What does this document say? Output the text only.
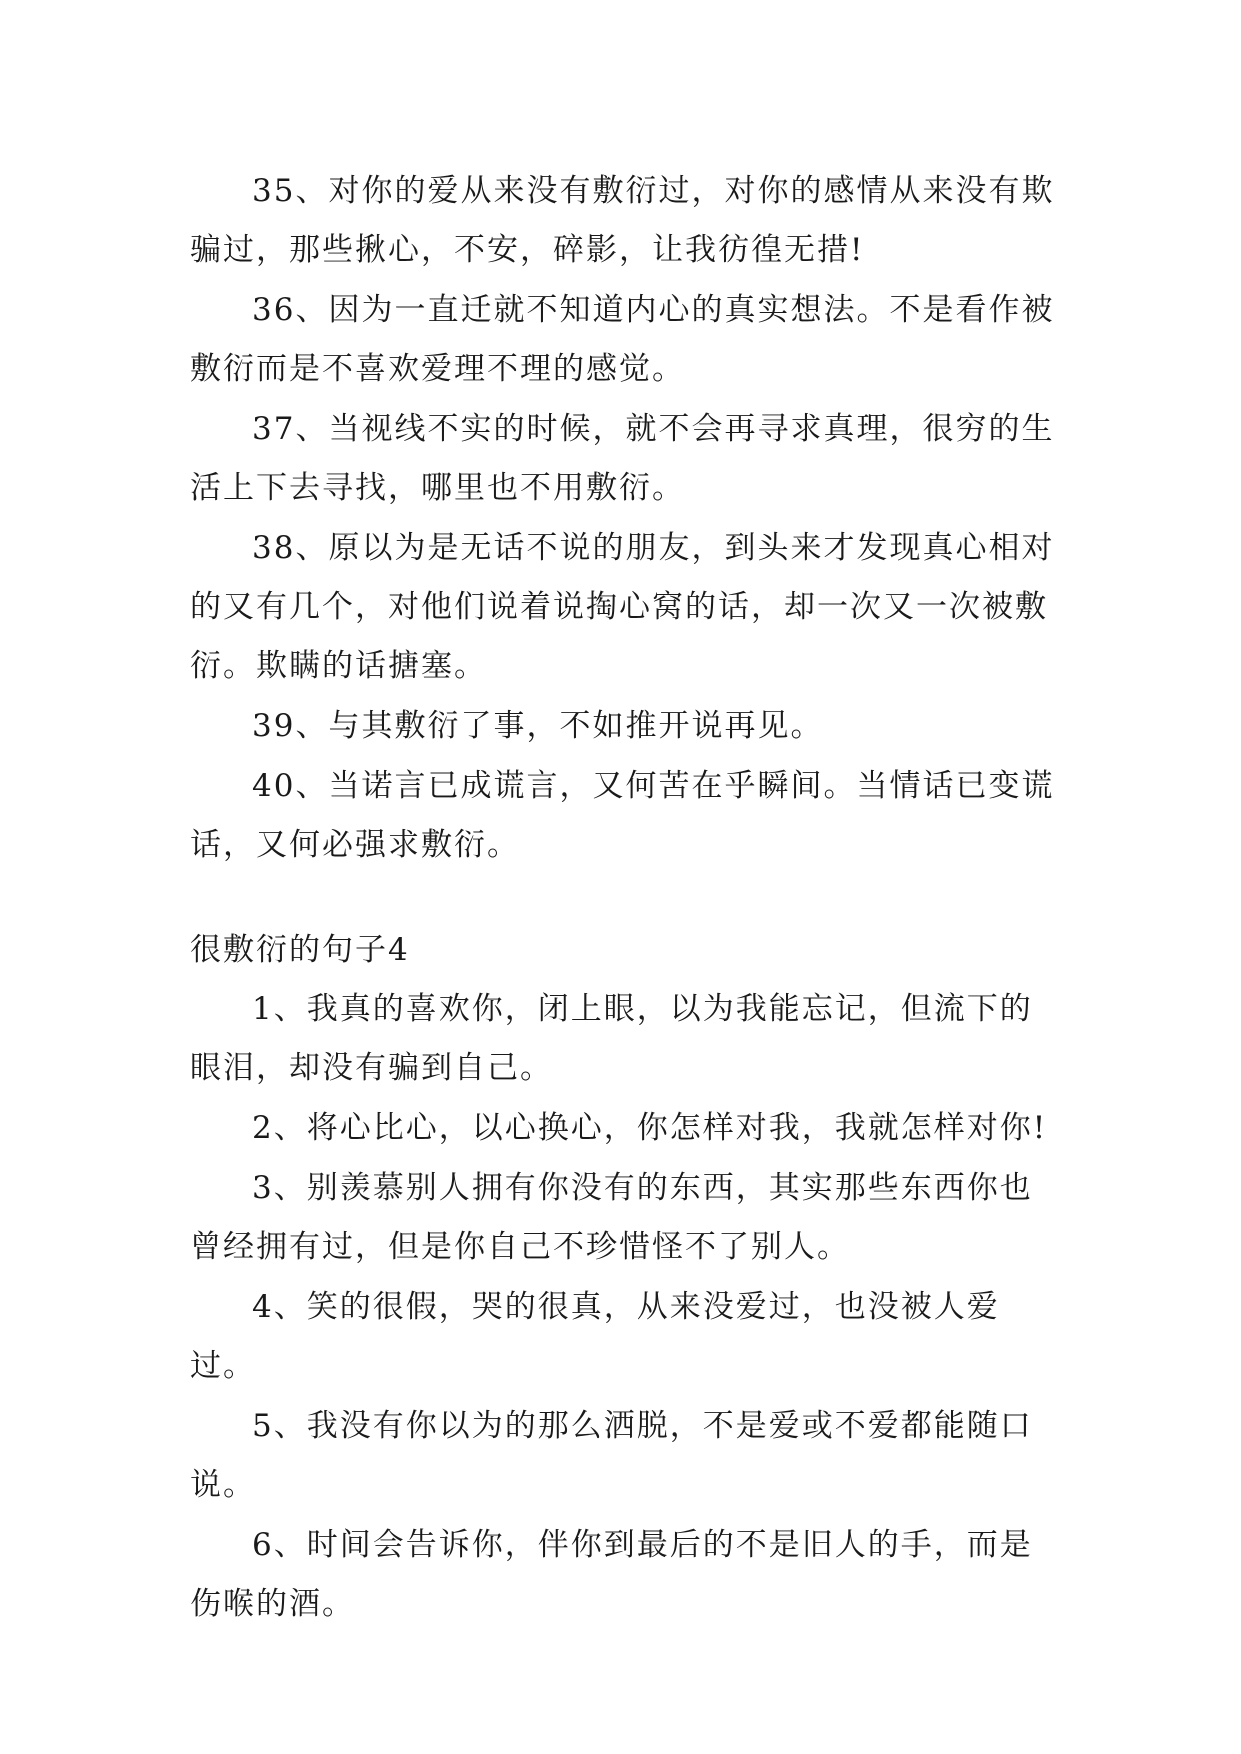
35、对你的爱从来没有敷衍过，对你的感情从来没有欺骗过，那些揪心，不安，碎影，让我彷徨无措!

36、因为一直迁就不知道内心的真实想法。不是看作被敷衍而是不喜欢爱理不理的感觉。

37、当视线不实的时候，就不会再寻求真理，很穷的生活上下去寻找，哪里也不用敷衍。

38、原以为是无话不说的朋友，到头来才发现真心相对的又有几个，对他们说着说掏心窝的话，却一次又一次被敷衍。欺瞒的话搪塞。

39、与其敷衍了事，不如推开说再见。

40、当诺言已成谎言，又何苦在乎瞬间。当情话已变谎话，又何必强求敷衍。

很敷衍的句子4

1、我真的喜欢你，闭上眼，以为我能忘记，但流下的眼泪，却没有骗到自己。

2、将心比心，以心换心，你怎样对我，我就怎样对你!

3、别羡慕别人拥有你没有的东西，其实那些东西你也曾经拥有过，但是你自己不珍惜怪不了别人。

4、笑的很假，哭的很真，从来没爱过，也没被人爱过。

5、我没有你以为的那么洒脱，不是爱或不爱都能随口说。

6、时间会告诉你，伴你到最后的不是旧人的手，而是伤喉的酒。
